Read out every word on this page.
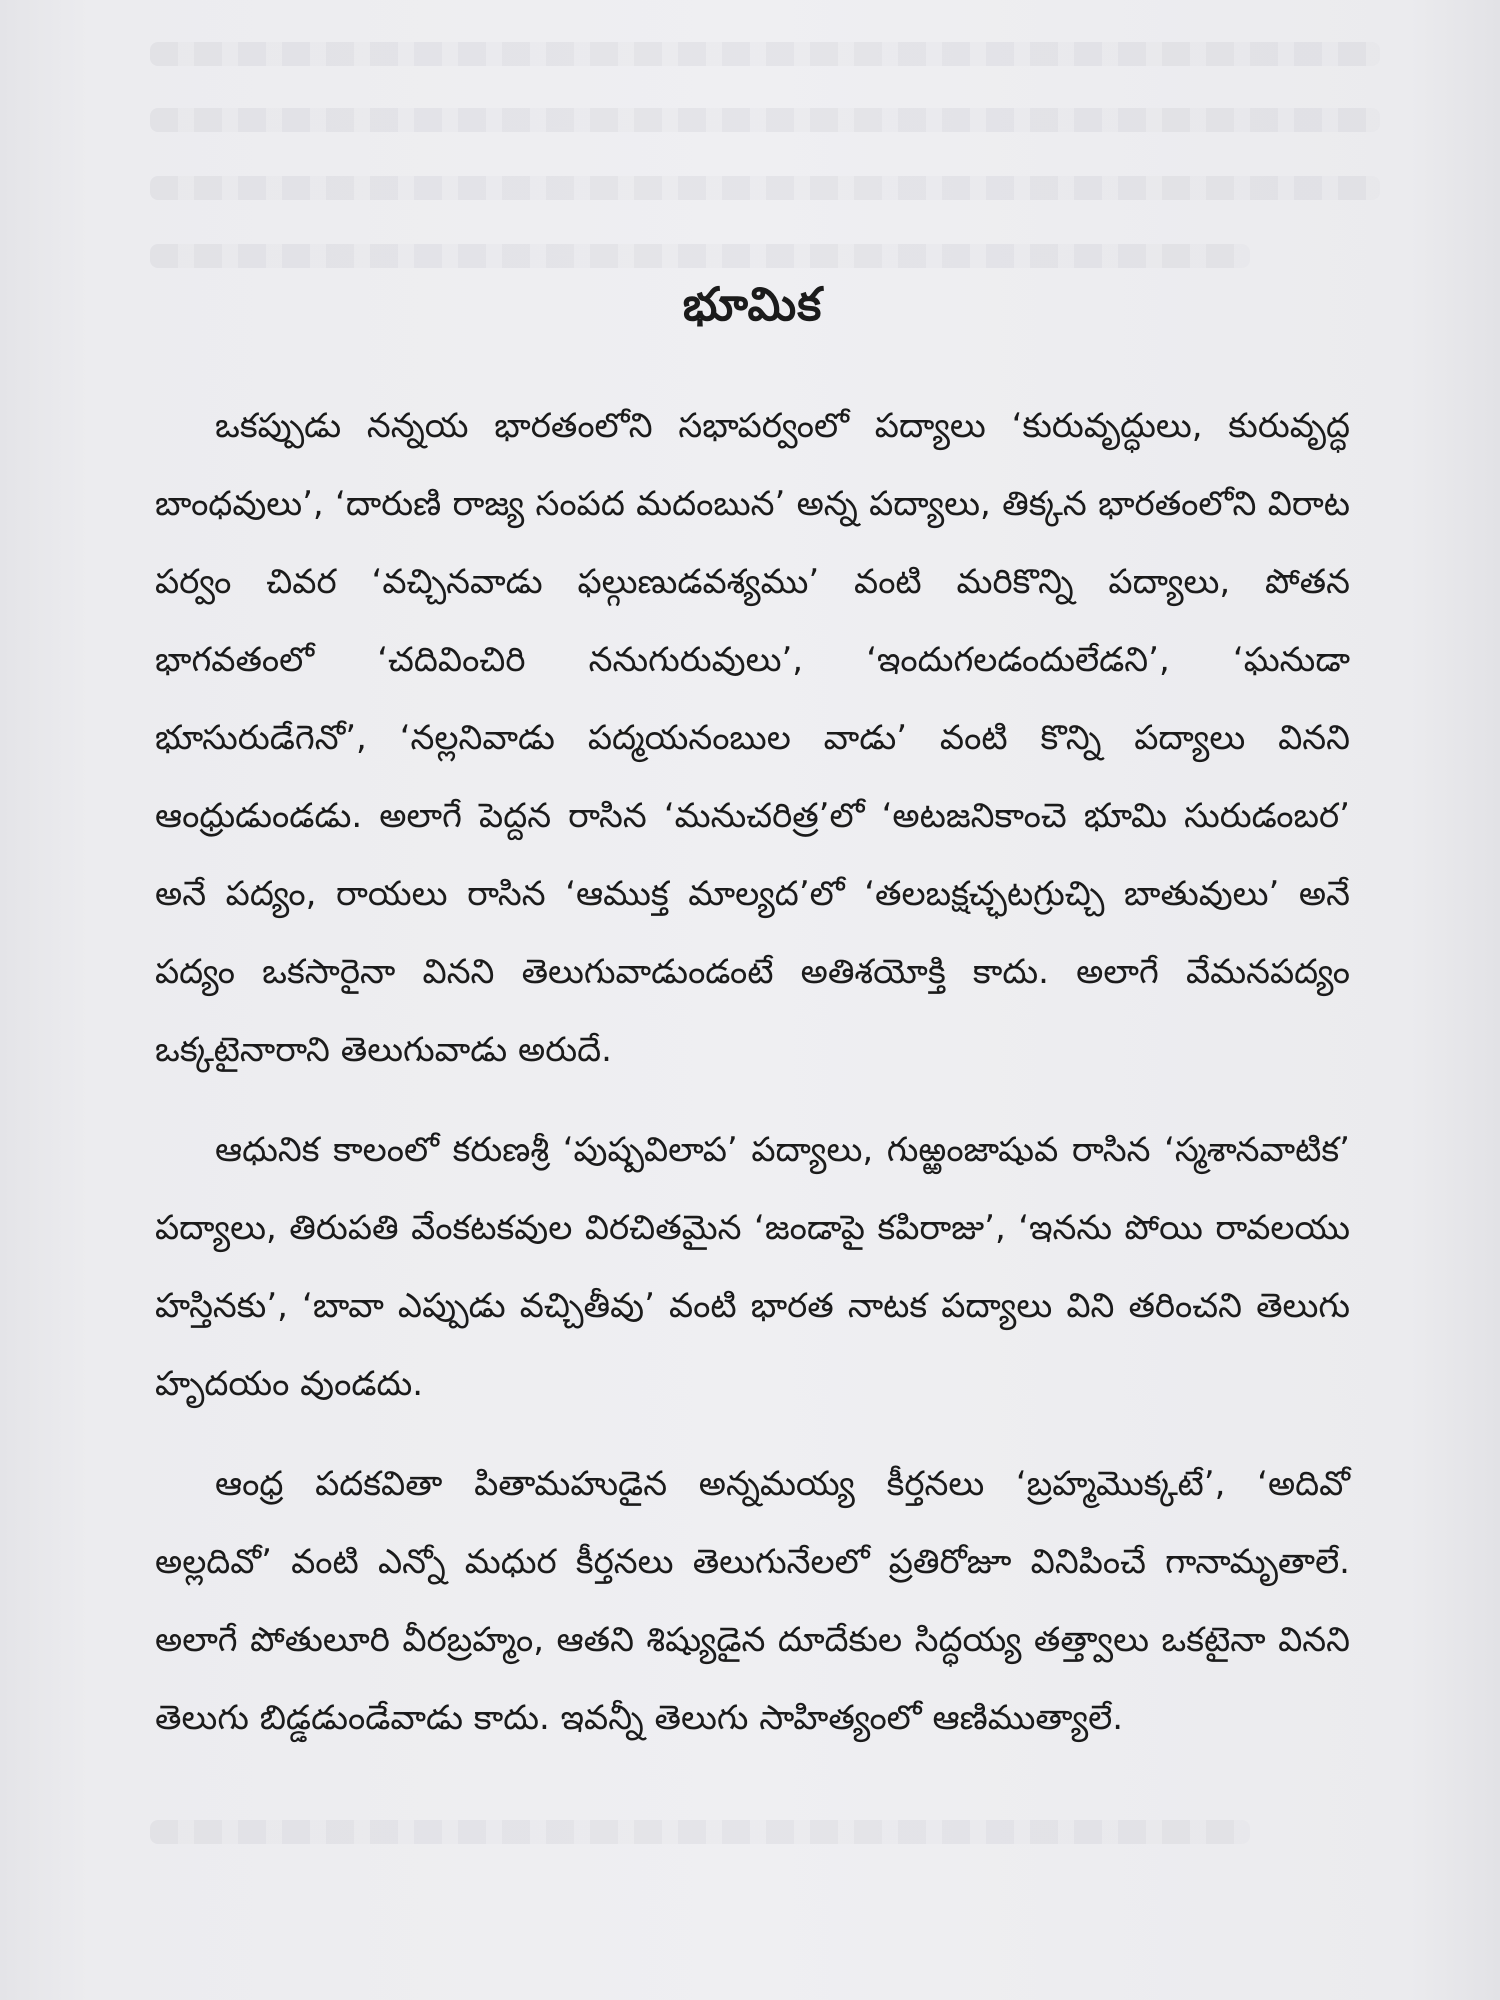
భూమిక

ఒకప్పుడు నన్నయ భారతంలోని సభాపర్వంలో పద్యాలు ‘కురువృద్ధులు, కురువృద్ధ బాంధవులు’, ‘దారుణి రాజ్య సంపద మదంబున’ అన్న పద్యాలు, తిక్కన భారతంలోని విరాట పర్వం చివర ‘వచ్చినవాడు ఫల్గుణుడవశ్యము’ వంటి మరికొన్ని పద్యాలు, పోతన భాగవతంలో ‘చదివించిరి ననుగురువులు’, ‘ఇందుగలడందులేడని’, ‘ఘనుడా భూసురుడేగెనో’, ‘నల్లనివాడు పద్మయనంబుల వాడు’ వంటి కొన్ని పద్యాలు వినని ఆంధ్రుడుండడు. అలాగే పెద్దన రాసిన ‘మనుచరిత్ర’లో ‘అటజనికాంచె భూమి సురుడంబర’ అనే పద్యం, రాయలు రాసిన ‘ఆముక్త మాల్యద’లో ‘తలబక్షచ్ఛటగ్రుచ్చి బాతువులు’ అనే పద్యం ఒకసారైనా వినని తెలుగువాడుండంటే అతిశయోక్తి కాదు. అలాగే వేమనపద్యం ఒక్కటైనారాని తెలుగువాడు అరుదే.

ఆధునిక కాలంలో కరుణశ్రీ ‘పుష్పవిలాప’ పద్యాలు, గుఱ్ఱంజాషువ రాసిన ‘స్మశానవాటిక’ పద్యాలు, తిరుపతి వేంకటకవుల విరచితమైన ‘జండాపై కపిరాజు’, ‘ఇనను పోయి రావలయు హస్తినకు’, ‘బావా ఎప్పుడు వచ్చితీవు’ వంటి భారత నాటక పద్యాలు విని తరించని తెలుగు హృదయం వుండదు.

ఆంధ్ర పదకవితా పితామహుడైన అన్నమయ్య కీర్తనలు ‘బ్రహ్మమొక్కటే’, ‘అదివో అల్లదివో’ వంటి ఎన్నో మధుర కీర్తనలు తెలుగునేలలో ప్రతిరోజూ వినిపించే గానామృతాలే. అలాగే పోతులూరి వీరబ్రహ్మం, ఆతని శిష్యుడైన దూదేకుల సిద్ధయ్య తత్త్వాలు ఒకటైనా వినని తెలుగు బిడ్డడుండేవాడు కాదు. ఇవన్నీ తెలుగు సాహిత్యంలో ఆణిముత్యాలే.
